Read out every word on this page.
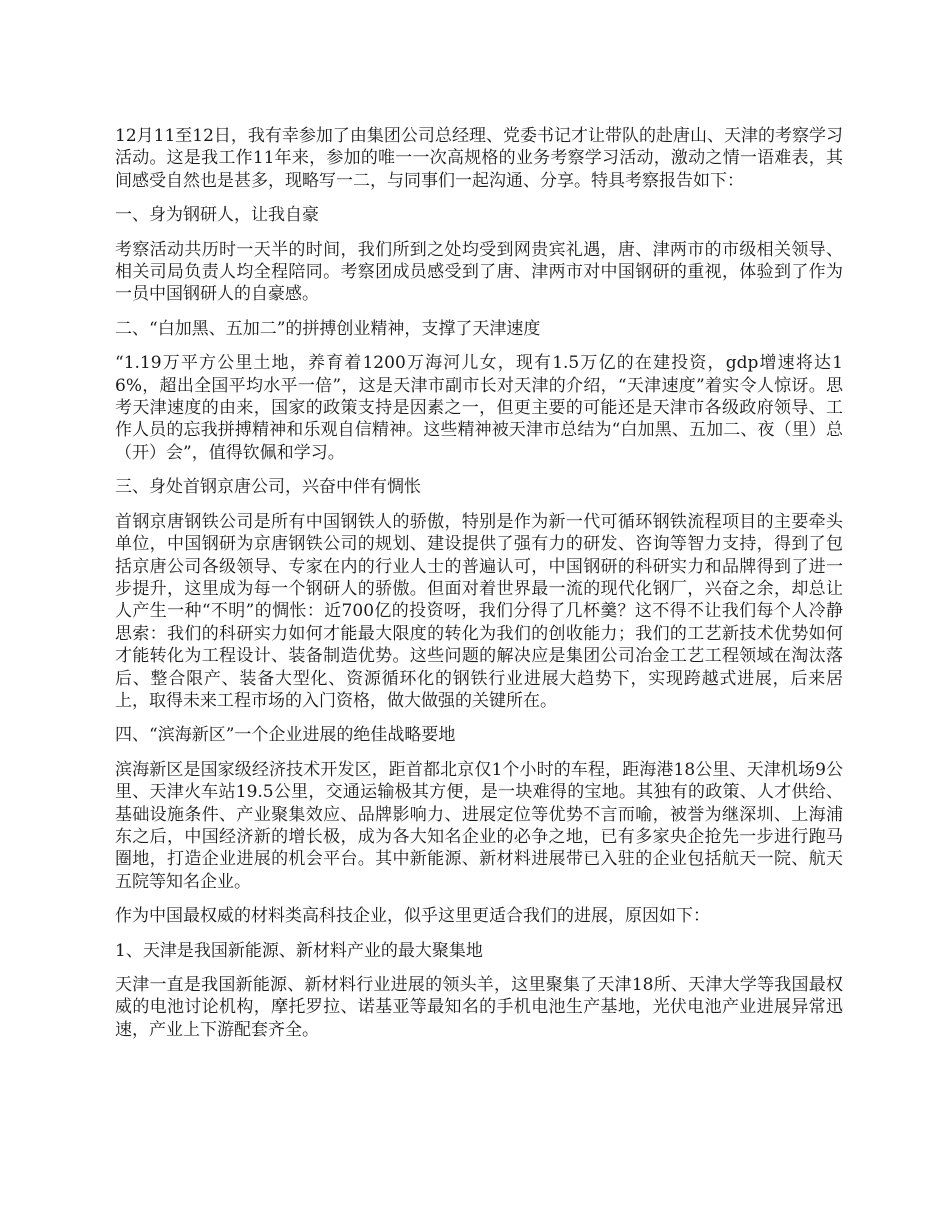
12月11至12日，我有幸参加了由集团公司总经理、党委书记才让带队的赴唐山、天津的考察学习活动。这是我工作11年来，参加的唯一一次高规格的业务考察学习活动，激动之情一语难表，其间感受自然也是甚多，现略写一二，与同事们一起沟通、分享。特具考察报告如下：

一、身为钢研人，让我自豪

考察活动共历时一天半的时间，我们所到之处均受到网贵宾礼遇，唐、津两市的市级相关领导、相关司局负责人均全程陪同。考察团成员感受到了唐、津两市对中国钢研的重视，体验到了作为一员中国钢研人的自豪感。

二、“白加黑、五加二”的拼搏创业精神，支撑了天津速度

“1.19万平方公里土地，养育着1200万海河儿女，现有1.5万亿的在建投资，gdp增速将达16%，超出全国平均水平一倍”，这是天津市副市长对天津的介绍，“天津速度”着实令人惊讶。思考天津速度的由来，国家的政策支持是因素之一，但更主要的可能还是天津市各级政府领导、工作人员的忘我拼搏精神和乐观自信精神。这些精神被天津市总结为“白加黑、五加二、夜（里）总（开）会”，值得钦佩和学习。

三、身处首钢京唐公司，兴奋中伴有惆怅

首钢京唐钢铁公司是所有中国钢铁人的骄傲，特别是作为新一代可循环钢铁流程项目的主要牵头单位，中国钢研为京唐钢铁公司的规划、建设提供了强有力的研发、咨询等智力支持，得到了包括京唐公司各级领导、专家在内的行业人士的普遍认可，中国钢研的科研实力和品牌得到了进一步提升，这里成为每一个钢研人的骄傲。但面对着世界最一流的现代化钢厂，兴奋之余，却总让人产生一种“不明”的惆怅：近700亿的投资呀，我们分得了几杯羹？这不得不让我们每个人冷静思索：我们的科研实力如何才能最大限度的转化为我们的创收能力；我们的工艺新技术优势如何才能转化为工程设计、装备制造优势。这些问题的解决应是集团公司冶金工艺工程领域在淘汰落后、整合限产、装备大型化、资源循环化的钢铁行业进展大趋势下，实现跨越式进展，后来居上，取得未来工程市场的入门资格，做大做强的关键所在。

四、“滨海新区”一个企业进展的绝佳战略要地

滨海新区是国家级经济技术开发区，距首都北京仅1个小时的车程，距海港18公里、天津机场9公里、天津火车站19.5公里，交通运输极其方便，是一块难得的宝地。其独有的政策、人才供给、基础设施条件、产业聚集效应、品牌影响力、进展定位等优势不言而喻，被誉为继深圳、上海浦东之后，中国经济新的增长极，成为各大知名企业的必争之地，已有多家央企抢先一步进行跑马圈地，打造企业进展的机会平台。其中新能源、新材料进展带已入驻的企业包括航天一院、航天五院等知名企业。

作为中国最权威的材料类高科技企业，似乎这里更适合我们的进展，原因如下：

1、天津是我国新能源、新材料产业的最大聚集地

天津一直是我国新能源、新材料行业进展的领头羊，这里聚集了天津18所、天津大学等我国最权威的电池讨论机构，摩托罗拉、诺基亚等最知名的手机电池生产基地，光伏电池产业进展异常迅速，产业上下游配套齐全。
